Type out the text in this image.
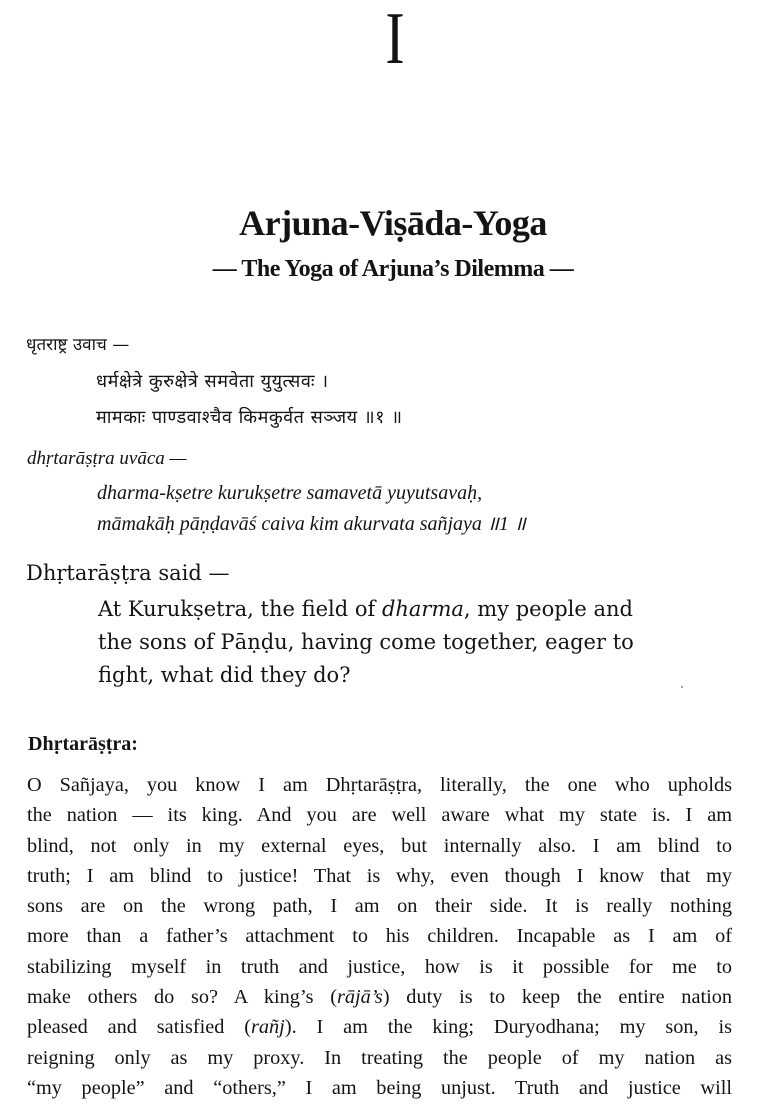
I
Arjuna-Viṣāda-Yoga
— The Yoga of Arjuna’s Dilemma —
धृतराष्ट्र उवाच —
धर्मक्षेत्रे कुरुक्षेत्रे समवेता युयुत्सवः ।
मामकाः पाण्डवाश्चैव किमकुर्वत सञ्जय ॥१ ॥
dhṛtarāṣṭra uvāca —
dharma-kṣetre kurukṣetre samavetā yuyutsavaḥ,
māmakāḥ pāṇḍavāś caiva kim akurvata sañjaya ॥1 ॥
Dhṛtarāṣṭra said —
At Kurukṣetra, the field of dharma, my people and
the sons of Pāṇḍu, having come together, eager to
fight, what did they do?
Dhṛtarāṣṭra:
O Sañjaya, you know I am Dhṛtarāṣṭra, literally, the one who upholds
the nation — its king. And you are well aware what my state is. I am
blind, not only in my external eyes, but internally also. I am blind to
truth; I am blind to justice! That is why, even though I know that my
sons are on the wrong path, I am on their side. It is really nothing
more than a father’s attachment to his children. Incapable as I am of
stabilizing myself in truth and justice, how is it possible for me to
make others do so? A king’s (rājā’s) duty is to keep the entire nation
pleased and satisfied (rañj). I am the king; Duryodhana; my son, is
reigning only as my proxy. In treating the people of my nation as
“my people” and “others,” I am being unjust. Truth and justice will
